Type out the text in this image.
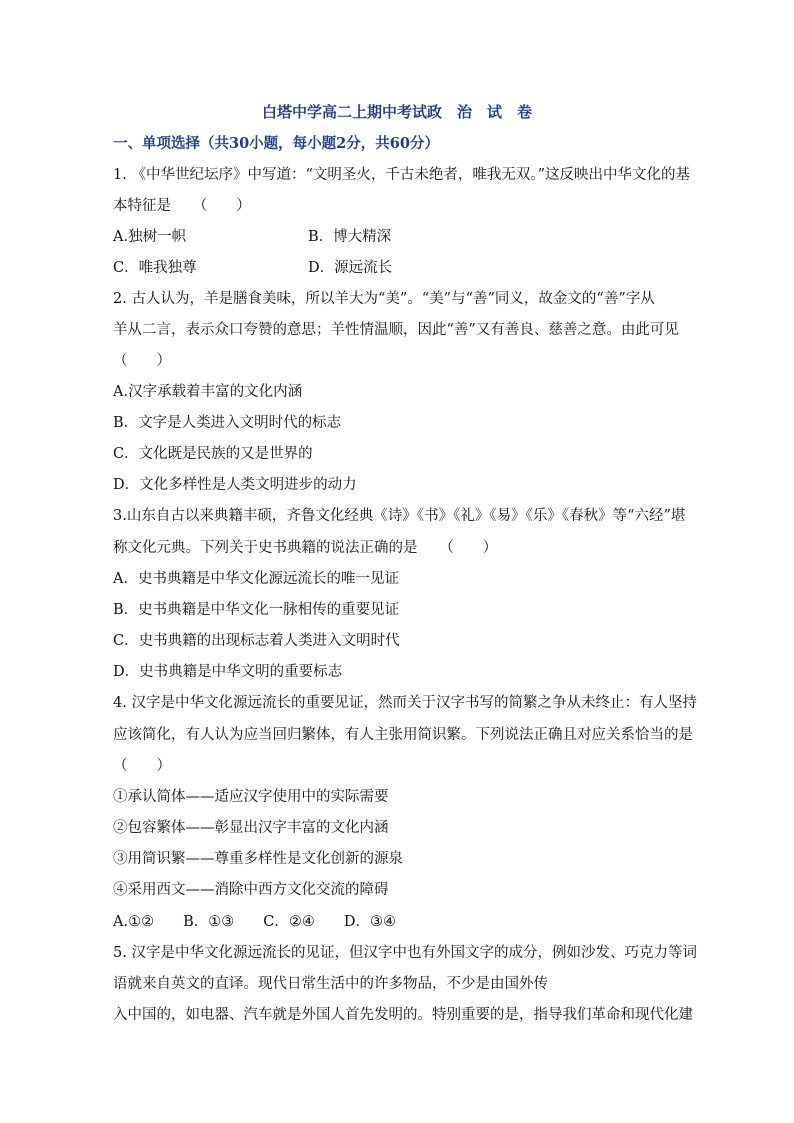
白塔中学高二上期中考试政　治　试　卷
一、单项选择（共30小题，每小题2分，共60分）
1. 《中华世纪坛序》中写道：“文明圣火，千古未绝者，唯我无双。”这反映出中华文化的基
本特征是　　（　　）
A.独树一帜	B．博大精深
C．唯我独尊	D．源远流长
2. 古人认为，羊是膳食美味，所以羊大为“美”。“美”与“善”同义，故金文的“善”字从
羊从二言，表示众口夸赞的意思；羊性情温顺，因此“善”又有善良、慈善之意。由此可见
（　　）
A.汉字承载着丰富的文化内涵
B．文字是人类进入文明时代的标志
C．文化既是民族的又是世界的
D．文化多样性是人类文明进步的动力
3.山东自古以来典籍丰硕，齐鲁文化经典《诗》《书》《礼》《易》《乐》《春秋》等“六经”堪
称文化元典。下列关于史书典籍的说法正确的是　　（　　）
A．史书典籍是中华文化源远流长的唯一见证
B．史书典籍是中华文化一脉相传的重要见证
C．史书典籍的出现标志着人类进入文明时代
D．史书典籍是中华文明的重要标志
4. 汉字是中华文化源远流长的重要见证，然而关于汉字书写的简繁之争从未终止：有人坚持
应该简化，有人认为应当回归繁体，有人主张用简识繁。下列说法正确且对应关系恰当的是
（　　）
①承认简体——适应汉字使用中的实际需要
②包容繁体——彰显出汉字丰富的文化内涵
③用简识繁——尊重多样性是文化创新的源泉
④采用西文——消除中西方文化交流的障碍
A.①②　　B．①③　　C．②④　　D．③④
5. 汉字是中华文化源远流长的见证，但汉字中也有外国文字的成分，例如沙发、巧克力等词
语就来自英文的直译。现代日常生活中的许多物品，不少是由国外传
入中国的，如电器、汽车就是外国人首先发明的。特别重要的是，指导我们革命和现代化建
